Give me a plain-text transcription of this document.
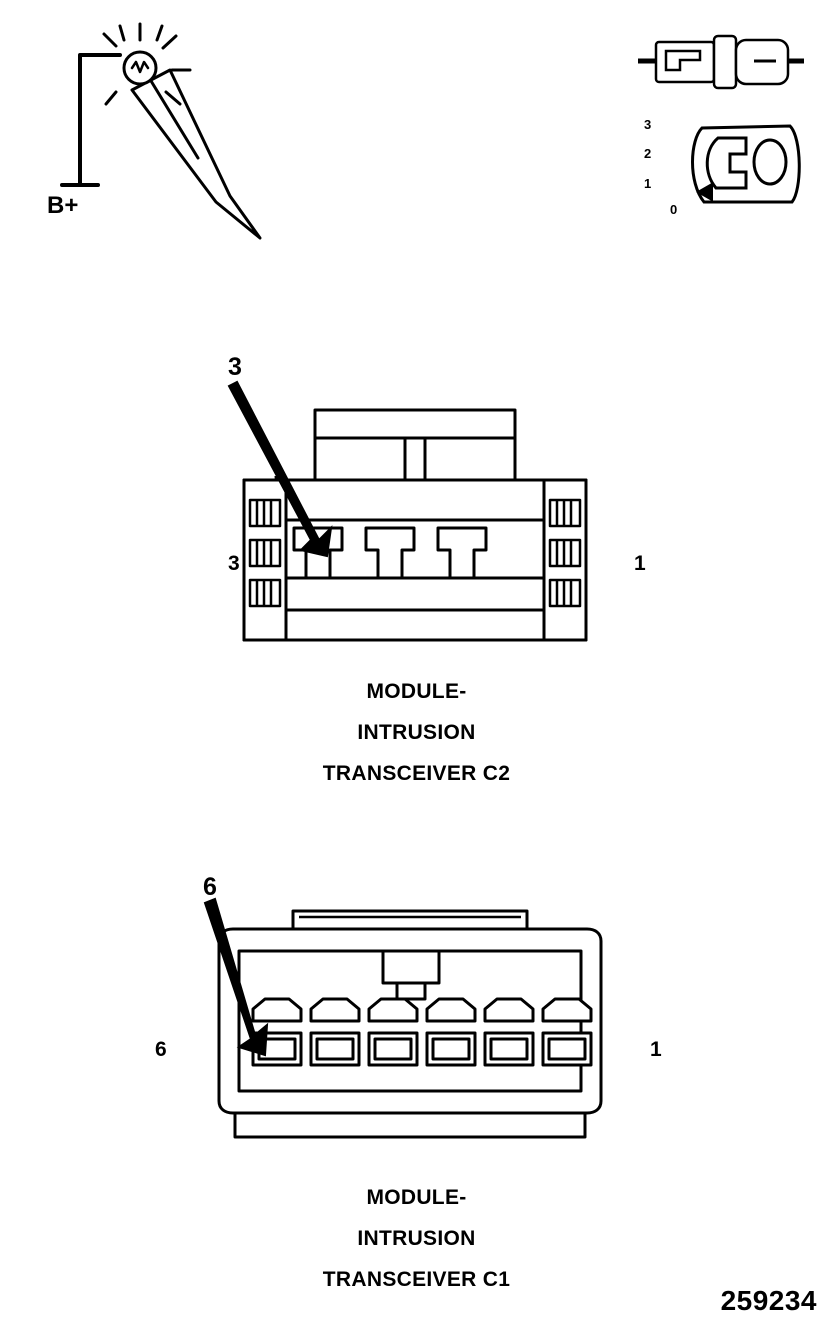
B+
3
2
1
0
3
3	1
MODULE-
INTRUSION
TRANSCEIVER C2
6
6	1
MODULE-
INTRUSION
TRANSCEIVER C1
259234
